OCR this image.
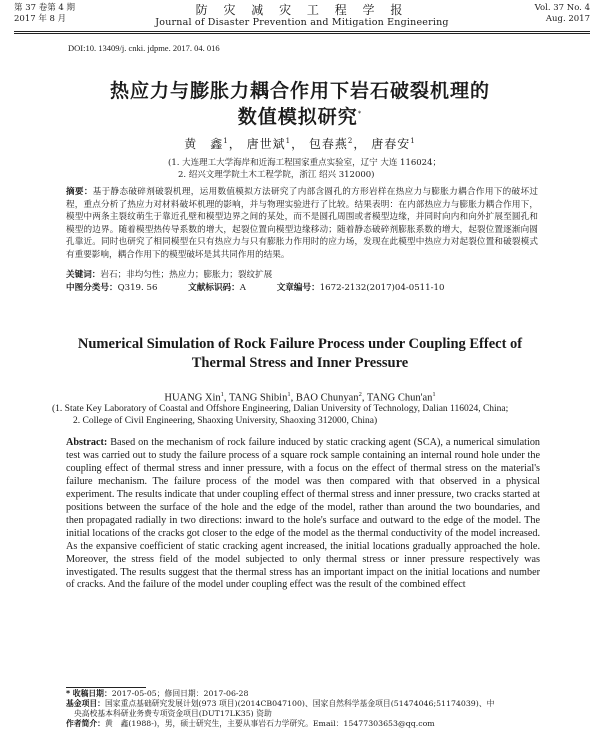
第 37 卷第 4 期
2017 年 8 月
防 灾 减 灾 工 程 学 报
Journal of Disaster Prevention and Mitigation Engineering
Vol. 37 No. 4
Aug. 2017
DOI:10. 13409/j. cnki. jdpme. 2017. 04. 016
热应力与膨胀力耦合作用下岩石破裂机理的
数值模拟研究*
黄　鑫$^1$， 唐世斌$^1$， 包春燕$^2$， 唐春安$^1$
(1. 大连理工大学海岸和近海工程国家重点实验室，辽宁 大连 116024；
2. 绍兴文理学院土木工程学院，浙江 绍兴 312000)
摘要：基于静态破碎剂破裂机理，运用数值模拟方法研究了内部含圆孔的方形岩样在热应力与膨胀力耦合作用下的破坏过程，重点分析了热应力对材料破坏机理的影响，并与物理实验进行了比较。结果表明：在内部热应力与膨胀力耦合作用下，模型中两条主裂纹萌生于靠近孔壁和模型边界之间的某处，而不是圆孔周围或者模型边缘，并同时向内和向外扩展至圆孔和模型的边界。随着模型热传导系数的增大，起裂位置向模型边缘移动；随着静态破碎剂膨胀系数的增大，起裂位置逐渐向圆孔靠近。同时也研究了相同模型在只有热应力与只有膨胀力作用时的应力场，发现在此模型中热应力对起裂位置和破裂模式有重要影响，耦合作用下的模型破坏是其共同作用的结果。
关键词：岩石；非均匀性；热应力；膨胀力；裂纹扩展
中图分类号：Q319. 56	文献标识码：A	文章编号：1672-2132(2017)04-0511-10
Numerical Simulation of Rock Failure Process under Coupling Effect of
Thermal Stress and Inner Pressure
HUANG Xin$^1$, TANG Shibin$^1$, BAO Chunyan$^2$, TANG $Chun'an^1$
(1. State Key Laboratory of Coastal and Offshore Engineering, Dalian University of Technology, Dalian 116024, China;
2. College of Civil Engineering, Shaoxing University, Shaoxing 312000, China)
Abstract: Based on the mechanism of rock failure induced by static cracking agent (SCA), a numerical simulation test was carried out to study the failure process of a square rock sample containing an internal round hole under the coupling effect of thermal stress and inner pressure, with a focus on the effect of thermal stress on the material's failure mechanism. The failure process of the model was then compared with that observed in a physical experiment. The results indicate that under coupling effect of thermal stress and inner pressure, two cracks started at positions between the surface of the hole and the edge of the model, rather than around the two boundaries, and then propagated radially in two directions: inward to the hole's surface and outward to the edge of the model. The initial locations of the cracks got closer to the edge of the model as the thermal conductivity of the model increased. As the expansive coefficient of static cracking agent increased, the initial locations gradually approached the hole. Moreover, the stress field of the model subjected to only thermal stress or inner pressure respectively was investigated. The results suggest that the thermal stress has an important impact on the initial locations and number of cracks. And the failure of the model under coupling effect was the result of the combined effect
* 收稿日期：2017-05-05；修回日期：2017-06-28
基金项目：国家重点基础研究发展计划(973 项目)(2014CB047100)、国家自然科学基金项目(51474046;51174039)、中
央高校基本科研业务费专项资金项目(DUT17LK35) 资助
作者简介：黄　鑫(1988-)，男，硕士研究生，主要从事岩石力学研究。Email：15477303653@qq.com
